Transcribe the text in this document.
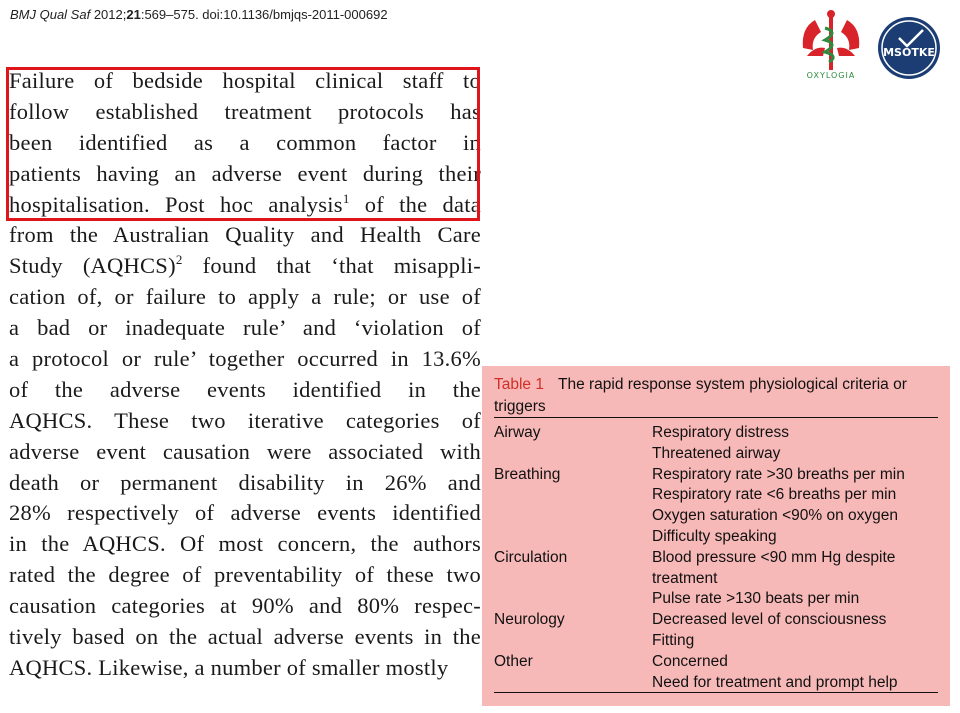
BMJ Qual Saf 2012;21:569–575. doi:10.1136/bmjqs-2011-000692
OXYLOGIA
MSOTKE
Failure of bedside hospital clinical staff to
follow established treatment protocols has
been identified as a common factor in
patients having an adverse event during their
hospitalisation. Post hoc analysis$^1$ of the data
from the Australian Quality and Health Care
Study (AQHCS)$^2$ found that ‘that misappli-
cation of, or failure to apply a rule; or use of
a bad or inadequate rule’ and ‘violation of
a protocol or rule’ together occurred in 13.6%
of the adverse events identified in the
AQHCS. These two iterative categories of
adverse event causation were associated with
death or permanent disability in 26% and
28% respectively of adverse events identified
in the AQHCS. Of most concern, the authors
rated the degree of preventability of these two
causation categories at 90% and 80% respec-
tively based on the actual adverse events in the
AQHCS. Likewise, a number of smaller mostly
Table 1 The rapid response system physiological criteria or triggers
Airway	Respiratory distress
Threatened airway
Breathing	Respiratory rate >30 breaths per min
Respiratory rate <6 breaths per min
Oxygen saturation <90% on oxygen
Difficulty speaking
Circulation	Blood pressure <90 mm Hg despite
treatment
Pulse rate >130 beats per min
Neurology	Decreased level of consciousness
Fitting
Other	Concerned
Need for treatment and prompt help
